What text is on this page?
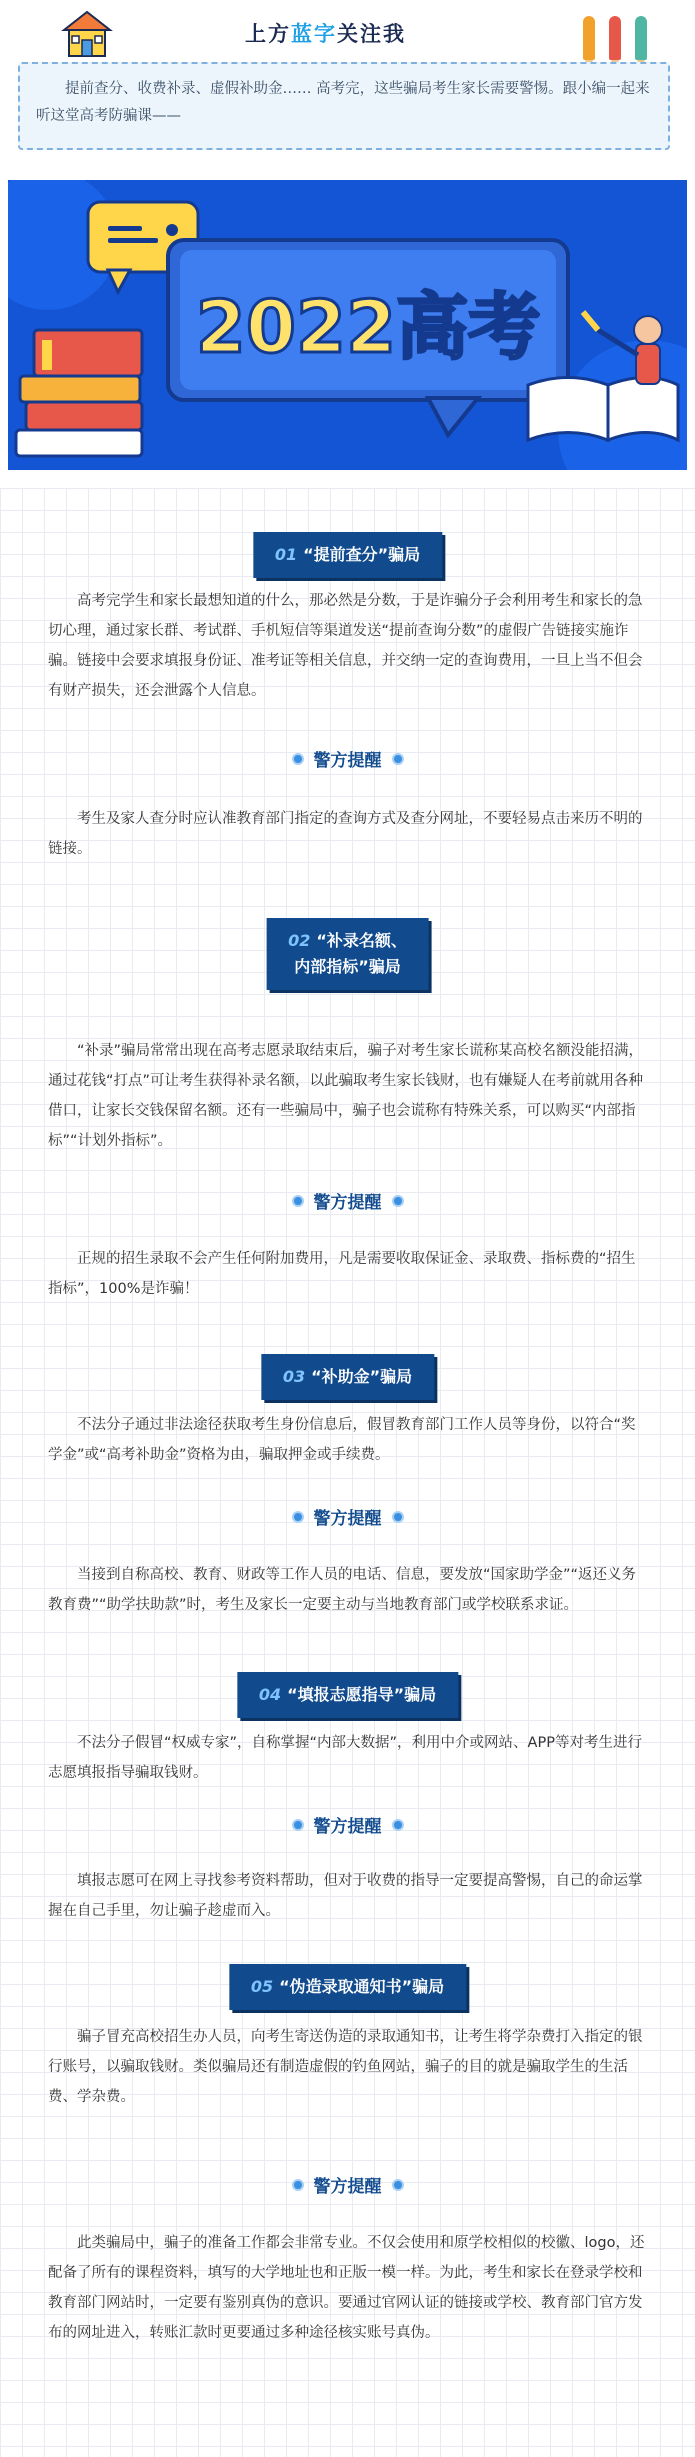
上方蓝字关注我
提前查分、收费补录、虚假补助金…… 高考完，这些骗局考生家长需要警惕。跟小编一起来听这堂高考防骗课——
2022高考
01 “提前查分”骗局
高考完学生和家长最想知道的什么，那必然是分数，于是诈骗分子会利用考生和家长的急切心理，通过家长群、考试群、手机短信等渠道发送“提前查询分数”的虚假广告链接实施诈骗。链接中会要求填报身份证、准考证等相关信息，并交纳一定的查询费用，一旦上当不但会有财产损失，还会泄露个人信息。
警方提醒
考生及家人查分时应认准教育部门指定的查询方式及查分网址，不要轻易点击来历不明的链接。
02 “补录名额、
内部指标”骗局
“补录”骗局常常出现在高考志愿录取结束后，骗子对考生家长谎称某高校名额没能招满，通过花钱“打点”可让考生获得补录名额，以此骗取考生家长钱财，也有嫌疑人在考前就用各种借口，让家长交钱保留名额。还有一些骗局中，骗子也会谎称有特殊关系，可以购买“内部指标”“计划外指标”。
警方提醒
正规的招生录取不会产生任何附加费用，凡是需要收取保证金、录取费、指标费的“招生指标”，100%是诈骗！
03 “补助金”骗局
不法分子通过非法途径获取考生身份信息后，假冒教育部门工作人员等身份，以符合“奖学金”或“高考补助金”资格为由，骗取押金或手续费。
警方提醒
当接到自称高校、教育、财政等工作人员的电话、信息，要发放“国家助学金”“返还义务教育费”“助学扶助款”时，考生及家长一定要主动与当地教育部门或学校联系求证。
04 “填报志愿指导”骗局
不法分子假冒“权威专家”，自称掌握“内部大数据”，利用中介或网站、APP等对考生进行志愿填报指导骗取钱财。
警方提醒
填报志愿可在网上寻找参考资料帮助，但对于收费的指导一定要提高警惕，自己的命运掌握在自己手里，勿让骗子趁虚而入。
05 “伪造录取通知书”骗局
骗子冒充高校招生办人员，向考生寄送伪造的录取通知书，让考生将学杂费打入指定的银行账号，以骗取钱财。类似骗局还有制造虚假的钓鱼网站，骗子的目的就是骗取学生的生活费、学杂费。
警方提醒
此类骗局中，骗子的准备工作都会非常专业。不仅会使用和原学校相似的校徽、logo，还配备了所有的课程资料，填写的大学地址也和正版一模一样。为此，考生和家长在登录学校和教育部门网站时，一定要有鉴别真伪的意识。要通过官网认证的链接或学校、教育部门官方发布的网址进入，转账汇款时更要通过多种途径核实账号真伪。
